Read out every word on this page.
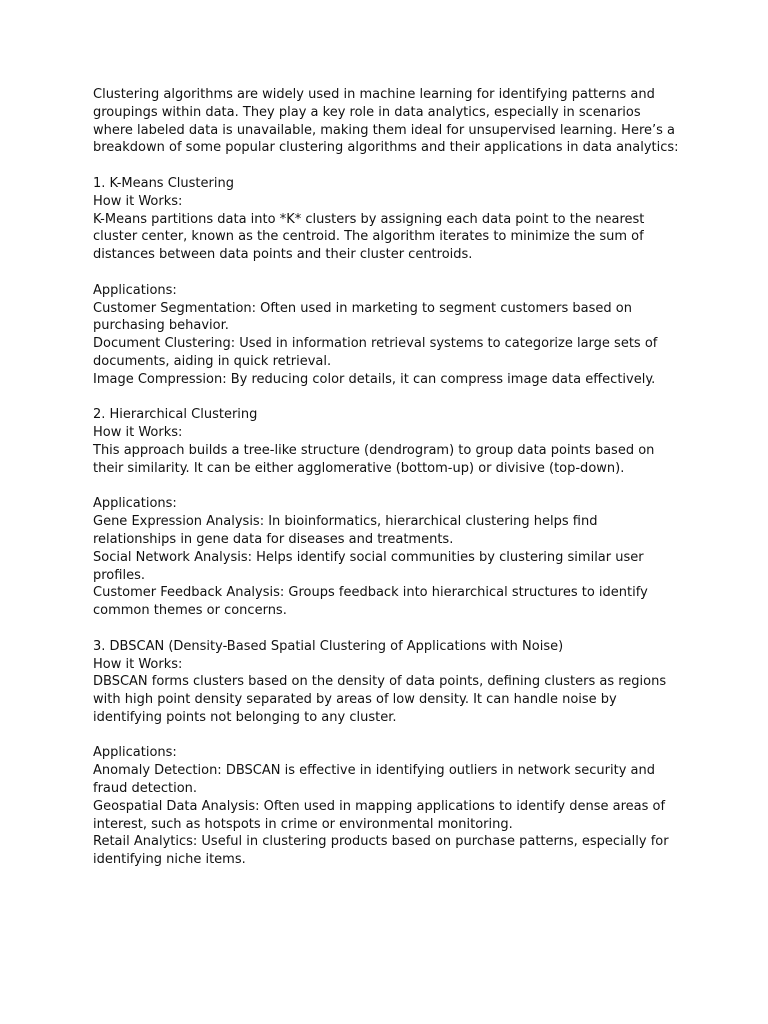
Clustering algorithms are widely used in machine learning for identifying patterns and groupings within data. They play a key role in data analytics, especially in scenarios where labeled data is unavailable, making them ideal for unsupervised learning. Here’s a breakdown of some popular clustering algorithms and their applications in data analytics:

1. K-Means Clustering

How it Works:

K-Means partitions data into *K* clusters by assigning each data point to the nearest cluster center, known as the centroid. The algorithm iterates to minimize the sum of distances between data points and their cluster centroids.

Applications:

Customer Segmentation: Often used in marketing to segment customers based on purchasing behavior.

Document Clustering: Used in information retrieval systems to categorize large sets of documents, aiding in quick retrieval.

Image Compression: By reducing color details, it can compress image data effectively.

2. Hierarchical Clustering

How it Works:

This approach builds a tree-like structure (dendrogram) to group data points based on their similarity. It can be either agglomerative (bottom-up) or divisive (top-down).

Applications:

Gene Expression Analysis: In bioinformatics, hierarchical clustering helps find relationships in gene data for diseases and treatments.

Social Network Analysis: Helps identify social communities by clustering similar user profiles.

Customer Feedback Analysis: Groups feedback into hierarchical structures to identify common themes or concerns.

3. DBSCAN (Density-Based Spatial Clustering of Applications with Noise)

How it Works:

DBSCAN forms clusters based on the density of data points, defining clusters as regions with high point density separated by areas of low density. It can handle noise by identifying points not belonging to any cluster.

Applications:

Anomaly Detection: DBSCAN is effective in identifying outliers in network security and fraud detection.

Geospatial Data Analysis: Often used in mapping applications to identify dense areas of interest, such as hotspots in crime or environmental monitoring.

Retail Analytics: Useful in clustering products based on purchase patterns, especially for identifying niche items.
